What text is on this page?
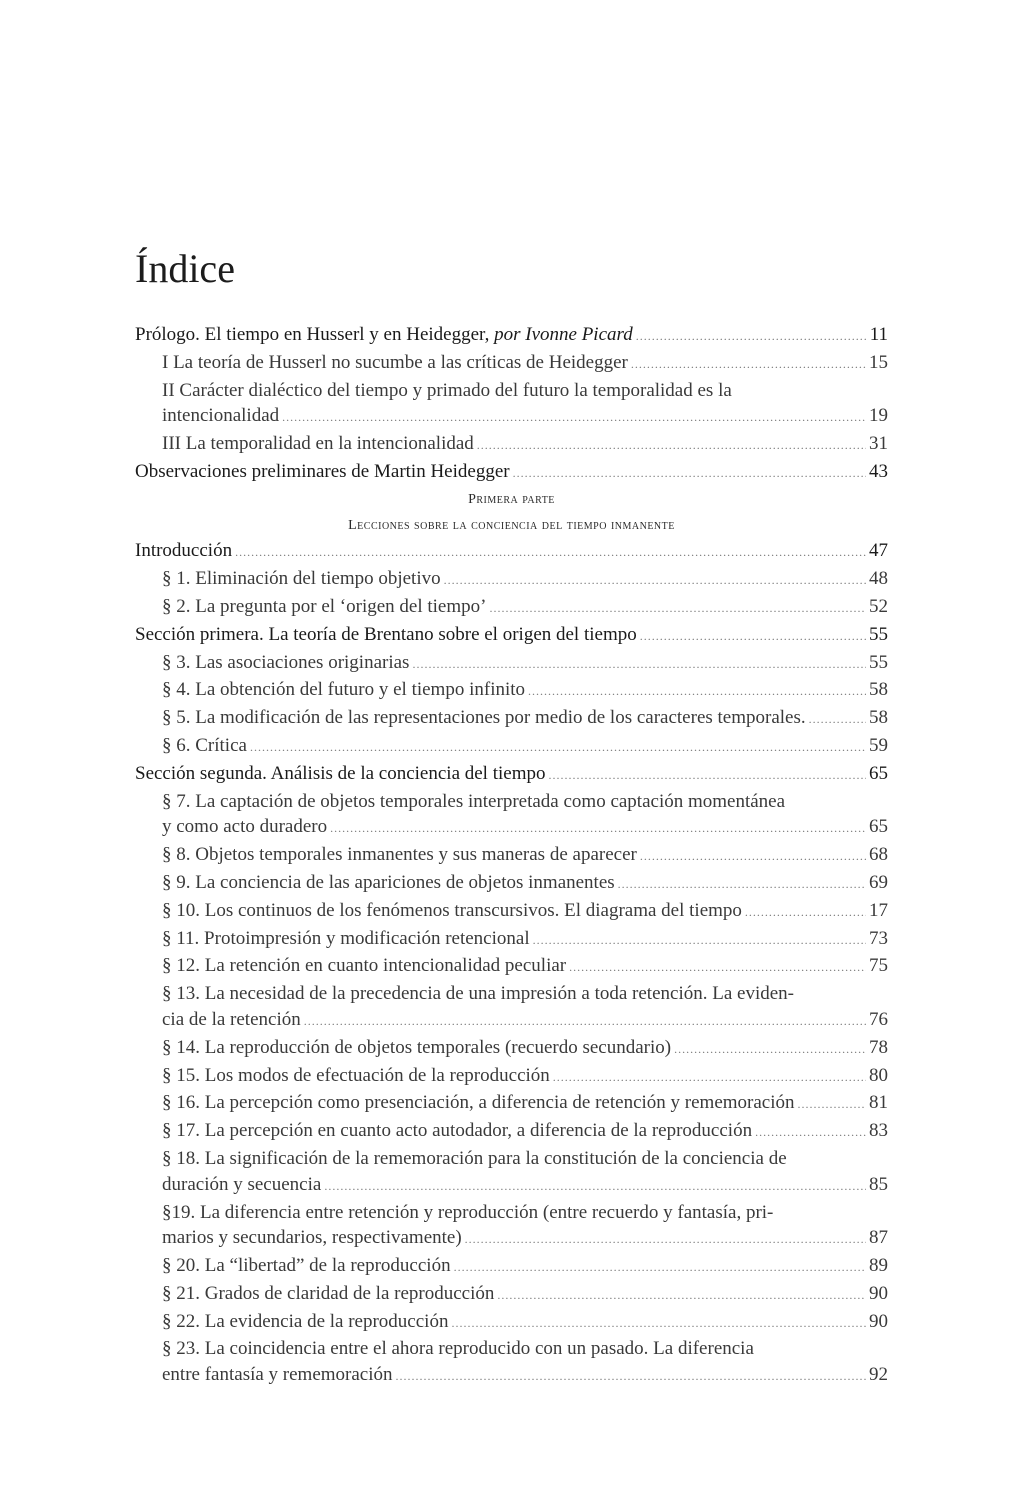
Índice
Prólogo. El tiempo en Husserl y en Heidegger, por Ivonne Picard .....	11
I La teoría de Husserl no sucumbe a las críticas de Heidegger .....	15
II Carácter dialéctico del tiempo y primado del futuro la temporalidad es la
intencionalidad .....	19
III La temporalidad en la intencionalidad .....	31
Observaciones preliminares de Martin Heidegger .....	43
Primera parte
Lecciones sobre la conciencia del tiempo inmanente
Introducción .....	47
§ 1. Eliminación del tiempo objetivo .....	48
§ 2. La pregunta por el ‘origen del tiempo’ .....	52
Sección primera. La teoría de Brentano sobre el origen del tiempo .....	55
§ 3. Las asociaciones originarias .....	55
§ 4. La obtención del futuro y el tiempo infinito .....	58
§ 5. La modificación de las representaciones por medio de los caracteres temporales. .....	58
§ 6. Crítica .....	59
Sección segunda. Análisis de la conciencia del tiempo .....	65
§ 7. La captación de objetos temporales interpretada como captación momentánea
y como acto duradero .....	65
§ 8. Objetos temporales inmanentes y sus maneras de aparecer .....	68
§ 9. La conciencia de las apariciones de objetos inmanentes .....	69
§ 10. Los continuos de los fenómenos transcursivos. El diagrama del tiempo .....	17
§ 11. Protoimpresión y modificación retencional .....	73
§ 12. La retención en cuanto intencionalidad peculiar .....	75
§ 13. La necesidad de la precedencia de una impresión a toda retención. La eviden-
cia de la retención .....	76
§ 14. La reproducción de objetos temporales (recuerdo secundario) .....	78
§ 15. Los modos de efectuación de la reproducción .....	80
§ 16. La percepción como presenciación, a diferencia de retención y rememoración .....	81
§ 17. La percepción en cuanto acto autodador, a diferencia de la reproducción .....	83
§ 18. La significación de la rememoración para la constitución de la conciencia de
duración y secuencia .....	85
§19. La diferencia entre retención y reproducción (entre recuerdo y fantasía, pri-
marios y secundarios, respectivamente) .....	87
§ 20. La “libertad” de la reproducción .....	89
§ 21. Grados de claridad de la reproducción .....	90
§ 22. La evidencia de la reproducción .....	90
§ 23. La coincidencia entre el ahora reproducido con un pasado. La diferencia
entre fantasía y rememoración .....	92
